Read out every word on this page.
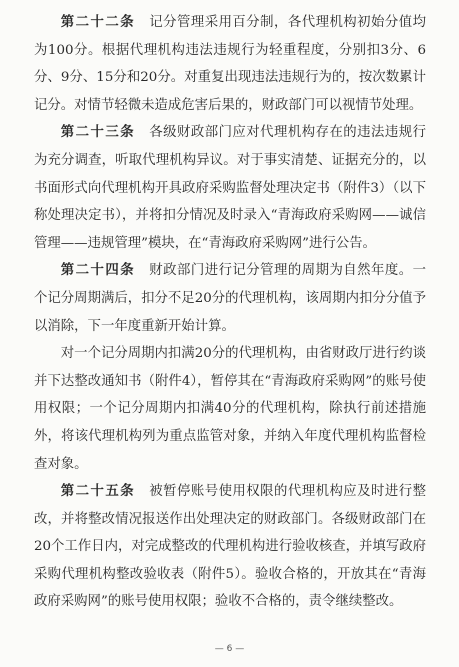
第二十二条 记分管理采用百分制，各代理机构初始分值均为100分。根据代理机构违法违规行为轻重程度，分别扣3分、6分、9分、15分和20分。对重复出现违法违规行为的，按次数累计记分。对情节轻微未造成危害后果的，财政部门可以视情节处理。

第二十三条 各级财政部门应对代理机构存在的违法违规行为充分调查，听取代理机构异议。对于事实清楚、证据充分的，以书面形式向代理机构开具政府采购监督处理决定书（附件3）（以下称处理决定书），并将扣分情况及时录入“青海政府采购网——诚信管理——违规管理”模块，在“青海政府采购网”进行公告。

第二十四条 财政部门进行记分管理的周期为自然年度。一个记分周期满后，扣分不足20分的代理机构，该周期内扣分分值予以消除，下一年度重新开始计算。

对一个记分周期内扣满20分的代理机构，由省财政厅进行约谈并下达整改通知书（附件4），暂停其在“青海政府采购网”的账号使用权限；一个记分周期内扣满40分的代理机构，除执行前述措施外，将该代理机构列为重点监管对象，并纳入年度代理机构监督检查对象。

第二十五条 被暂停账号使用权限的代理机构应及时进行整改，并将整改情况报送作出处理决定的财政部门。各级财政部门在20个工作日内，对完成整改的代理机构进行验收核查，并填写政府采购代理机构整改验收表（附件5）。验收合格的，开放其在“青海政府采购网”的账号使用权限；验收不合格的，责令继续整改。

— 6 —
